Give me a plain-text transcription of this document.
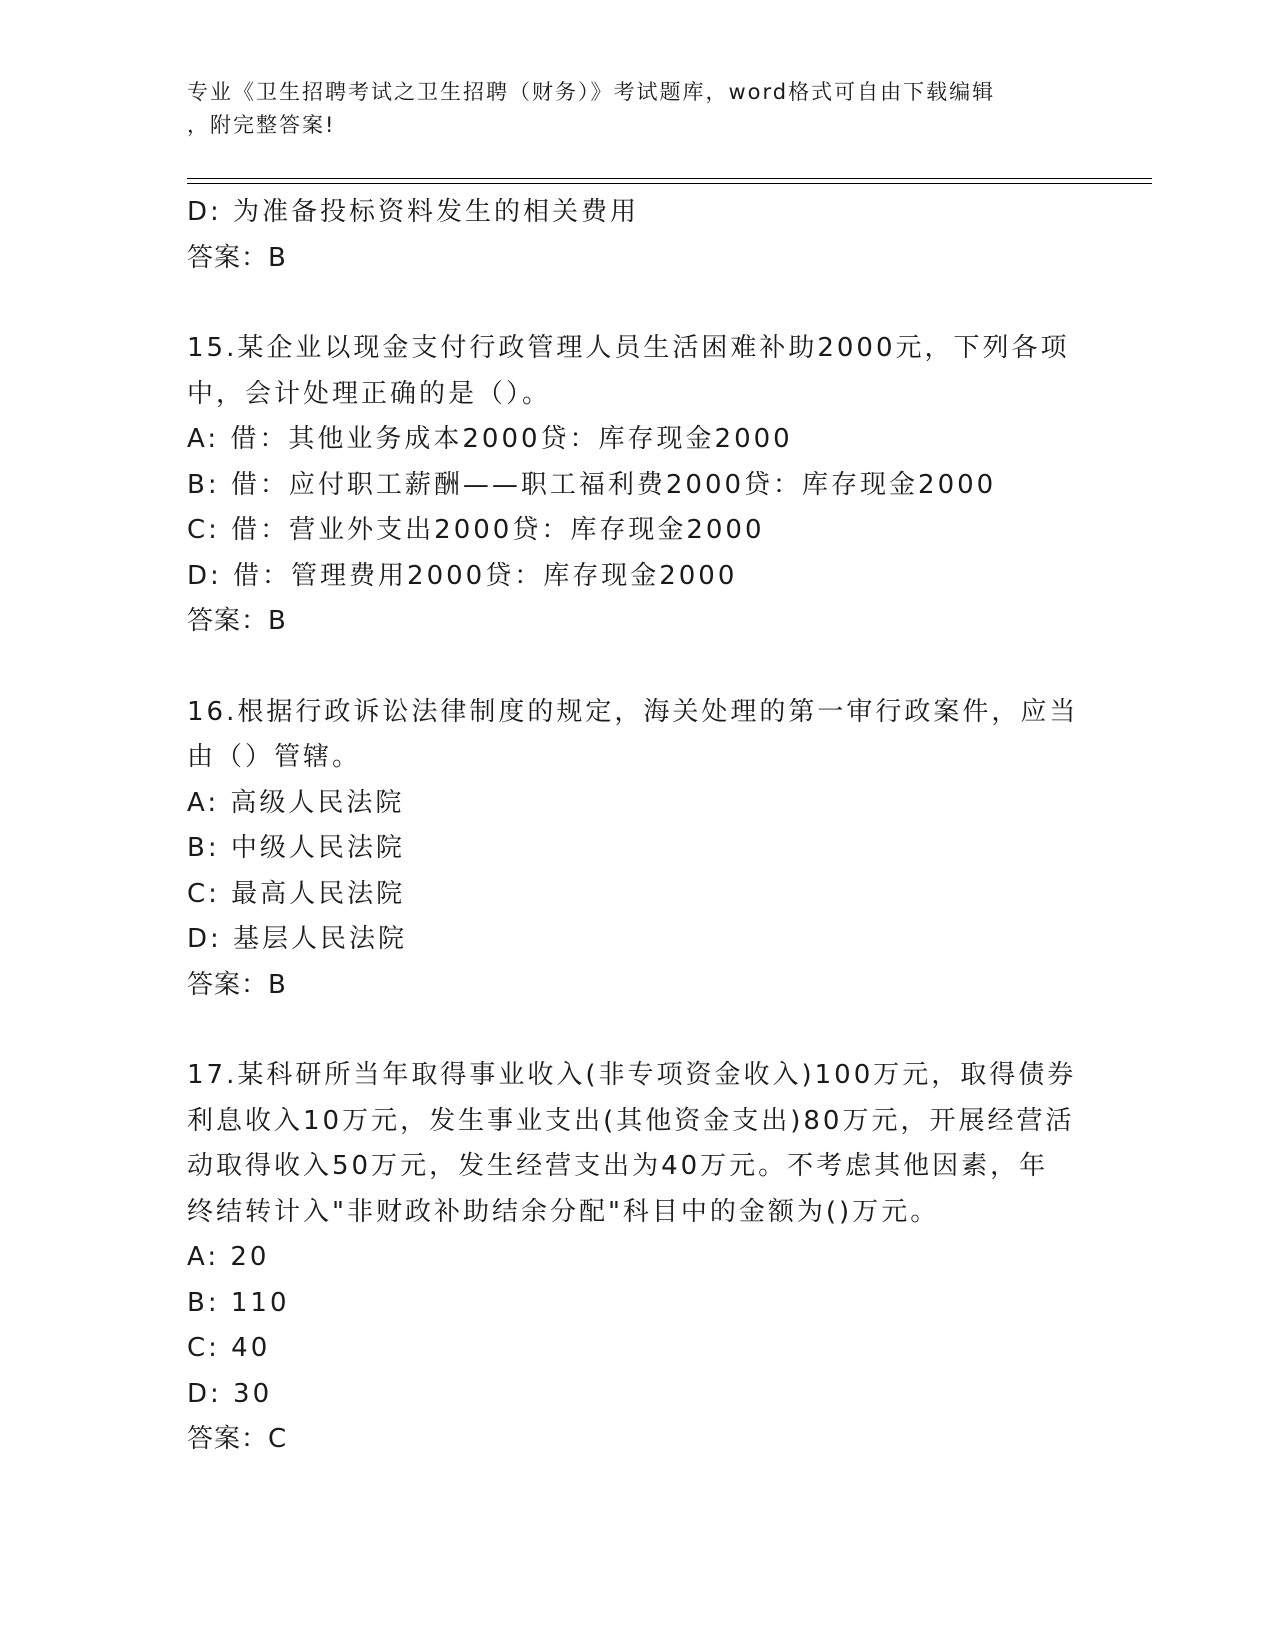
专业《卫生招聘考试之卫生招聘（财务）》考试题库，word格式可自由下载编辑
，附完整答案!
D: 为准备投标资料发生的相关费用
答案：B
15.某企业以现金支付行政管理人员生活困难补助2000元，下列各项
中，会计处理正确的是（）。
A: 借：其他业务成本2000贷：库存现金2000
B: 借：应付职工薪酬——职工福利费2000贷：库存现金2000
C: 借：营业外支出2000贷：库存现金2000
D: 借：管理费用2000贷：库存现金2000
答案：B
16.根据行政诉讼法律制度的规定，海关处理的第一审行政案件，应当
由（）管辖。
A: 高级人民法院
B: 中级人民法院
C: 最高人民法院
D: 基层人民法院
答案：B
17.某科研所当年取得事业收入(非专项资金收入)100万元，取得债券
利息收入10万元，发生事业支出(其他资金支出)80万元，开展经营活
动取得收入50万元，发生经营支出为40万元。不考虑其他因素，年
终结转计入"非财政补助结余分配"科目中的金额为()万元。
A: 20
B: 110
C: 40
D: 30
答案：C
